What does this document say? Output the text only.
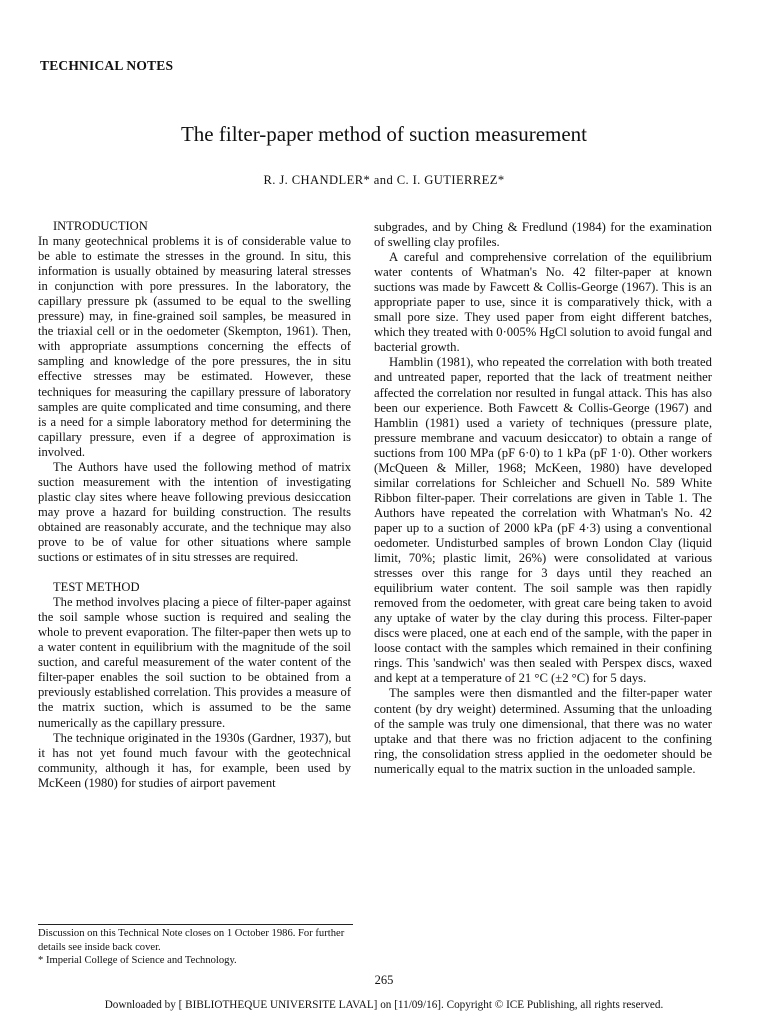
TECHNICAL NOTES
The filter-paper method of suction measurement
R. J. CHANDLER* and C. I. GUTIERREZ*

INTRODUCTION

In many geotechnical problems it is of considerable value to be able to estimate the stresses in the ground. In situ, this information is usually obtained by measuring lateral stresses in conjunction with pore pressures. In the laboratory, the capillary pressure pk (assumed to be equal to the swelling pressure) may, in fine-grained soil samples, be measured in the triaxial cell or in the oedometer (Skempton, 1961). Then, with appropriate assumptions concerning the effects of sampling and knowledge of the pore pressures, the in situ effective stresses may be estimated. However, these techniques for measuring the capillary pressure of laboratory samples are quite complicated and time consuming, and there is a need for a simple laboratory method for determining the capillary pressure, even if a degree of approximation is involved.

The Authors have used the following method of matrix suction measurement with the intention of investigating plastic clay sites where heave following previous desiccation may prove a hazard for building construction. The results obtained are reasonably accurate, and the technique may also prove to be of value for other situations where sample suctions or estimates of in situ stresses are required.

TEST METHOD

The method involves placing a piece of filter-paper against the soil sample whose suction is required and sealing the whole to prevent evaporation. The filter-paper then wets up to a water content in equilibrium with the magnitude of the soil suction, and careful measurement of the water content of the filter-paper enables the soil suction to be obtained from a previously established correlation. This provides a measure of the matrix suction, which is assumed to be the same numerically as the capillary pressure.

The technique originated in the 1930s (Gardner, 1937), but it has not yet found much favour with the geotechnical community, although it has, for example, been used by McKeen (1980) for studies of airport pavement

subgrades, and by Ching & Fredlund (1984) for the examination of swelling clay profiles.

A careful and comprehensive correlation of the equilibrium water contents of Whatman's No. 42 filter-paper at known suctions was made by Fawcett & Collis-George (1967). This is an appropriate paper to use, since it is comparatively thick, with a small pore size. They used paper from eight different batches, which they treated with 0·005% HgCl solution to avoid fungal and bacterial growth.

Hamblin (1981), who repeated the correlation with both treated and untreated paper, reported that the lack of treatment neither affected the correlation nor resulted in fungal attack. This has also been our experience. Both Fawcett & Collis-George (1967) and Hamblin (1981) used a variety of techniques (pressure plate, pressure membrane and vacuum desiccator) to obtain a range of suctions from 100 MPa (pF 6·0) to 1 kPa (pF 1·0). Other workers (McQueen & Miller, 1968; McKeen, 1980) have developed similar correlations for Schleicher and Schuell No. 589 White Ribbon filter-paper. Their correlations are given in Table 1. The Authors have repeated the correlation with Whatman's No. 42 paper up to a suction of 2000 kPa (pF 4·3) using a conventional oedometer. Undisturbed samples of brown London Clay (liquid limit, 70%; plastic limit, 26%) were consolidated at various stresses over this range for 3 days until they reached an equilibrium water content. The soil sample was then rapidly removed from the oedometer, with great care being taken to avoid any uptake of water by the clay during this process. Filter-paper discs were placed, one at each end of the sample, with the paper in loose contact with the samples which remained in their confining rings. This 'sandwich' was then sealed with Perspex discs, waxed and kept at a temperature of 21 °C (±2 °C) for 5 days.

The samples were then dismantled and the filter-paper water content (by dry weight) determined. Assuming that the unloading of the sample was truly one dimensional, that there was no water uptake and that there was no friction adjacent to the confining ring, the consolidation stress applied in the oedometer should be numerically equal to the matrix suction in the unloaded sample.

Discussion on this Technical Note closes on 1 October 1986. For further details see inside back cover.

* Imperial College of Science and Technology.

265
Downloaded by [ BIBLIOTHEQUE UNIVERSITE LAVAL] on [11/09/16]. Copyright © ICE Publishing, all rights reserved.
